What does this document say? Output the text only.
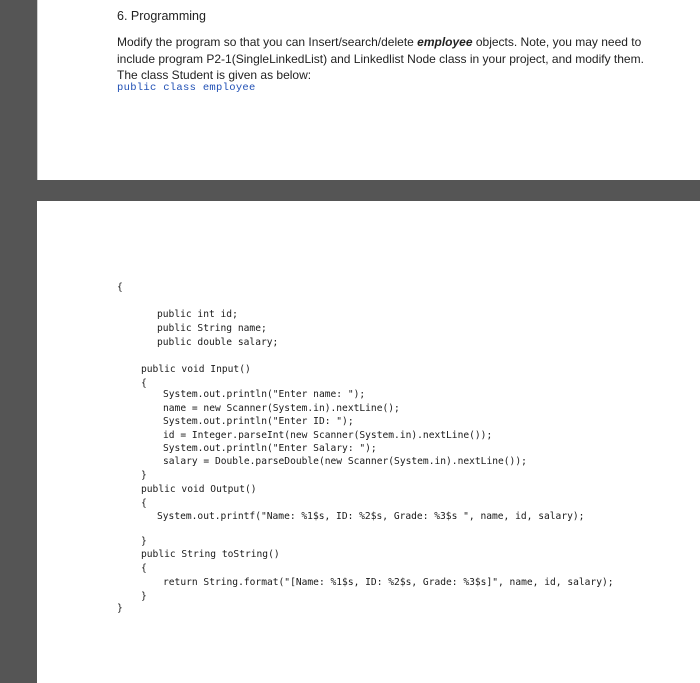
6. Programming
Modify the program so that you can Insert/search/delete employee objects. Note, you may need to
include program P2-1(SingleLinkedList) and Linkedlist Node class in your project, and modify them.
The class Student is given as below:
public class employee
{
public int id;
public String name;
public double salary;
public void Input()
{
System.out.println("Enter name: ");
name = new Scanner(System.in).nextLine();
System.out.println("Enter ID: ");
id = Integer.parseInt(new Scanner(System.in).nextLine());
System.out.println("Enter Salary: ");
salary = Double.parseDouble(new Scanner(System.in).nextLine());
}
public void Output()
{
System.out.printf("Name: %1$s, ID: %2$s, Grade: %3$s ", name, id, salary);
}
public String toString()
{
return String.format("[Name: %1$s, ID: %2$s, Grade: %3$s]", name, id, salary);
}
}
